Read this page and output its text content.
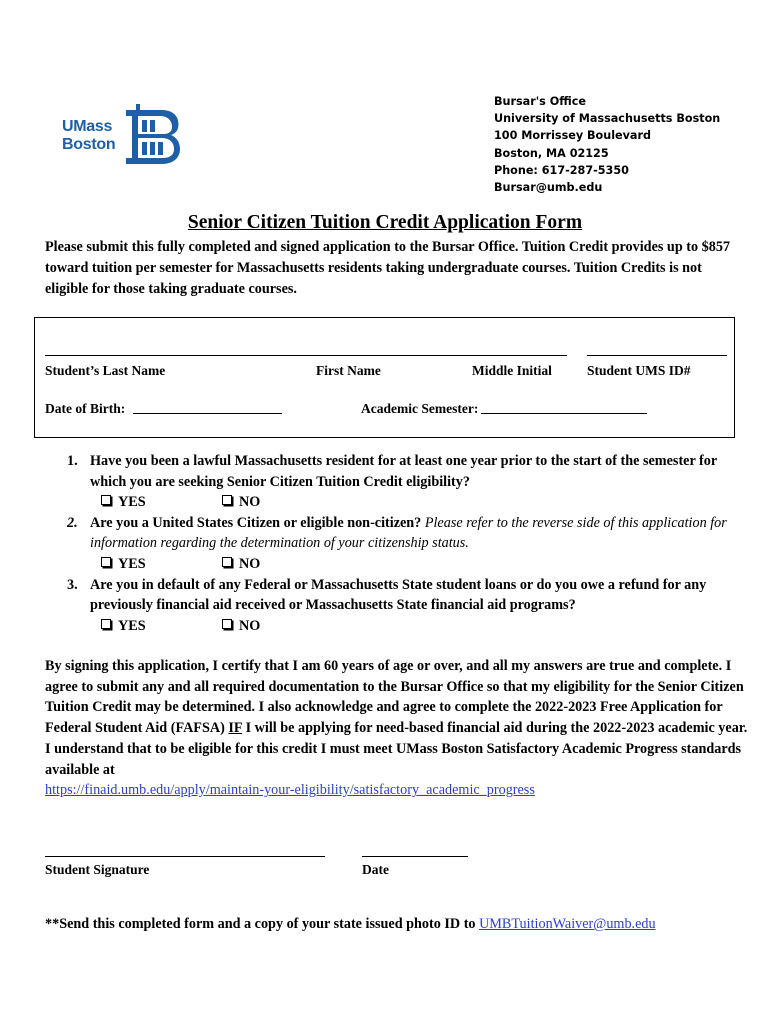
UMass
Boston
Bursar's Office
University of Massachusetts Boston
100 Morrissey Boulevard
Boston, MA 02125
Phone: 617-287-5350
Bursar@umb.edu
Senior Citizen Tuition Credit Application Form
Please submit this fully completed and signed application to the Bursar Office. Tuition Credit provides up to $857 toward tuition per semester for Massachusetts residents taking undergraduate courses. Tuition Credits is not eligible for those taking graduate courses.
Student’s Last Name	First Name	Middle Initial	Student UMS ID#
Date of Birth:	Academic Semester:
1. Have you been a lawful Massachusetts resident for at least one year prior to the start of the semester for which you are seeking Senior Citizen Tuition Credit eligibility?
YES	NO
2. Are you a United States Citizen or eligible non-citizen? Please refer to the reverse side of this application for information regarding the determination of your citizenship status.
YES	NO
3. Are you in default of any Federal or Massachusetts State student loans or do you owe a refund for any previously financial aid received or Massachusetts State financial aid programs?
YES	NO
By signing this application, I certify that I am 60 years of age or over, and all my answers are true and complete. I agree to submit any and all required documentation to the Bursar Office so that my eligibility for the Senior Citizen Tuition Credit may be determined. I also acknowledge and agree to complete the 2022-2023 Free Application for Federal Student Aid (FAFSA) IF I will be applying for need-based financial aid during the 2022-2023 academic year. I understand that to be eligible for this credit I must meet UMass Boston Satisfactory Academic Progress standards available at
https://finaid.umb.edu/apply/maintain-your-eligibility/satisfactory_academic_progress
Student Signature	Date
**Send this completed form and a copy of your state issued photo ID to UMBTuitionWaiver@umb.edu
